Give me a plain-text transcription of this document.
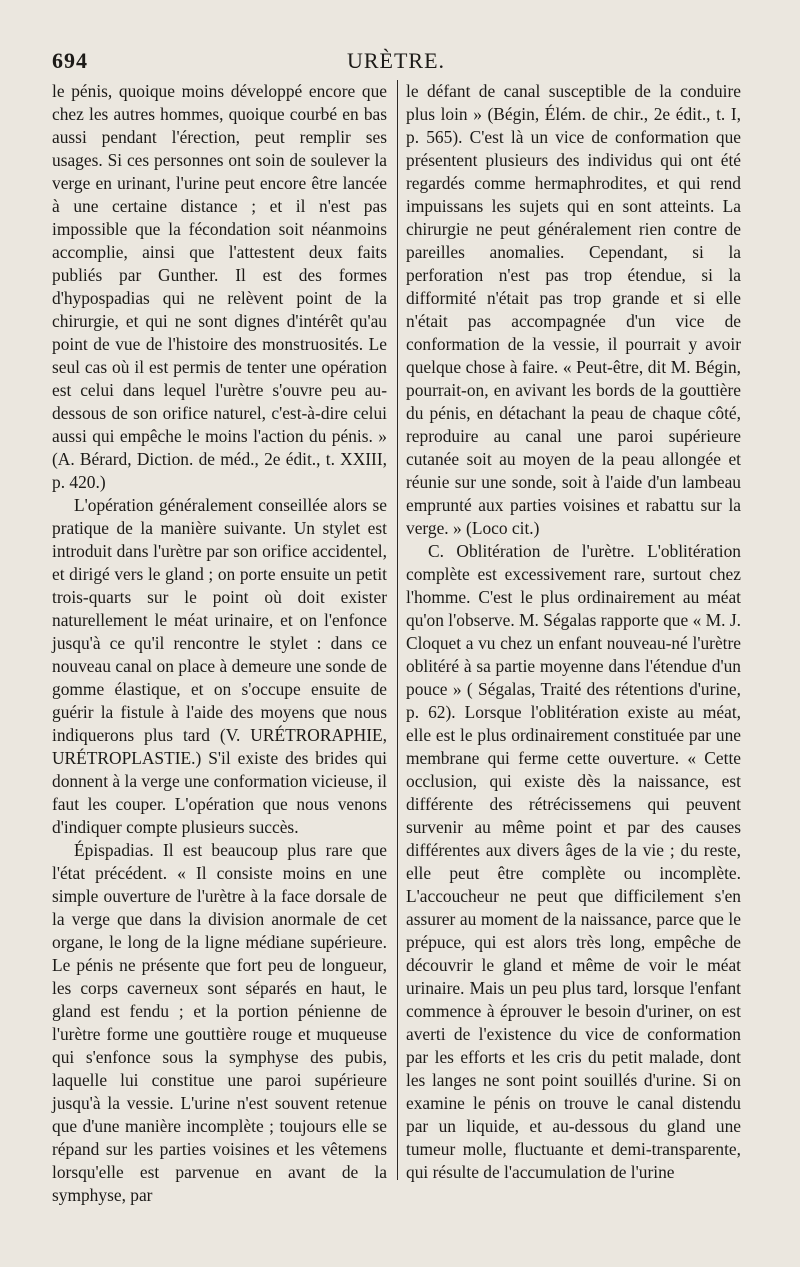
694	URÈTRE.

le pénis, quoique moins développé encore que chez les autres hommes, quoique courbé en bas aussi pendant l'érection, peut remplir ses usages. Si ces personnes ont soin de soulever la verge en urinant, l'urine peut encore être lancée à une certaine distance ; et il n'est pas impossible que la fécondation soit néanmoins accomplie, ainsi que l'attestent deux faits publiés par Gunther. Il est des formes d'hypospadias qui ne relèvent point de la chirurgie, et qui ne sont dignes d'intérêt qu'au point de vue de l'histoire des monstruosités. Le seul cas où il est permis de tenter une opération est celui dans lequel l'urètre s'ouvre peu au-dessous de son orifice naturel, c'est-à-dire celui aussi qui empêche le moins l'action du pénis. » (A. Bérard, Diction. de méd., 2e édit., t. XXIII, p. 420.)

L'opération généralement conseillée alors se pratique de la manière suivante. Un stylet est introduit dans l'urètre par son orifice accidentel, et dirigé vers le gland ; on porte ensuite un petit trois-quarts sur le point où doit exister naturellement le méat urinaire, et on l'enfonce jusqu'à ce qu'il rencontre le stylet : dans ce nouveau canal on place à demeure une sonde de gomme élastique, et on s'occupe ensuite de guérir la fistule à l'aide des moyens que nous indiquerons plus tard (V. URÉTRORAPHIE, URÉTROPLASTIE.) S'il existe des brides qui donnent à la verge une conformation vicieuse, il faut les couper. L'opération que nous venons d'indiquer compte plusieurs succès.

Épispadias. Il est beaucoup plus rare que l'état précédent. « Il consiste moins en une simple ouverture de l'urètre à la face dorsale de la verge que dans la division anormale de cet organe, le long de la ligne médiane supérieure. Le pénis ne présente que fort peu de longueur, les corps caverneux sont séparés en haut, le gland est fendu ; et la portion pénienne de l'urètre forme une gouttière rouge et muqueuse qui s'enfonce sous la symphyse des pubis, laquelle lui constitue une paroi supérieure jusqu'à la vessie. L'urine n'est souvent retenue que d'une manière incomplète ; toujours elle se répand sur les parties voisines et les vêtemens lorsqu'elle est parvenue en avant de la symphyse, par

le défant de canal susceptible de la conduire plus loin » (Bégin, Élém. de chir., 2e édit., t. I, p. 565). C'est là un vice de conformation que présentent plusieurs des individus qui ont été regardés comme hermaphrodites, et qui rend impuissans les sujets qui en sont atteints. La chirurgie ne peut généralement rien contre de pareilles anomalies. Cependant, si la perforation n'est pas trop étendue, si la difformité n'était pas trop grande et si elle n'était pas accompagnée d'un vice de conformation de la vessie, il pourrait y avoir quelque chose à faire. « Peut-être, dit M. Bégin, pourrait-on, en avivant les bords de la gouttière du pénis, en détachant la peau de chaque côté, reproduire au canal une paroi supérieure cutanée soit au moyen de la peau allongée et réunie sur une sonde, soit à l'aide d'un lambeau emprunté aux parties voisines et rabattu sur la verge. » (Loco cit.)

C. Oblitération de l'urètre. L'oblitération complète est excessivement rare, surtout chez l'homme. C'est le plus ordinairement au méat qu'on l'observe. M. Ségalas rapporte que « M. J. Cloquet a vu chez un enfant nouveau-né l'urètre oblitéré à sa partie moyenne dans l'étendue d'un pouce » ( Ségalas, Traité des rétentions d'urine, p. 62). Lorsque l'oblitération existe au méat, elle est le plus ordinairement constituée par une membrane qui ferme cette ouverture. « Cette occlusion, qui existe dès la naissance, est différente des rétrécissemens qui peuvent survenir au même point et par des causes différentes aux divers âges de la vie ; du reste, elle peut être complète ou incomplète. L'accoucheur ne peut que difficilement s'en assurer au moment de la naissance, parce que le prépuce, qui est alors très long, empêche de découvrir le gland et même de voir le méat urinaire. Mais un peu plus tard, lorsque l'enfant commence à éprouver le besoin d'uriner, on est averti de l'existence du vice de conformation par les efforts et les cris du petit malade, dont les langes ne sont point souillés d'urine. Si on examine le pénis on trouve le canal distendu par un liquide, et au-dessous du gland une tumeur molle, fluctuante et demi-transparente, qui résulte de l'accumulation de l'urine
